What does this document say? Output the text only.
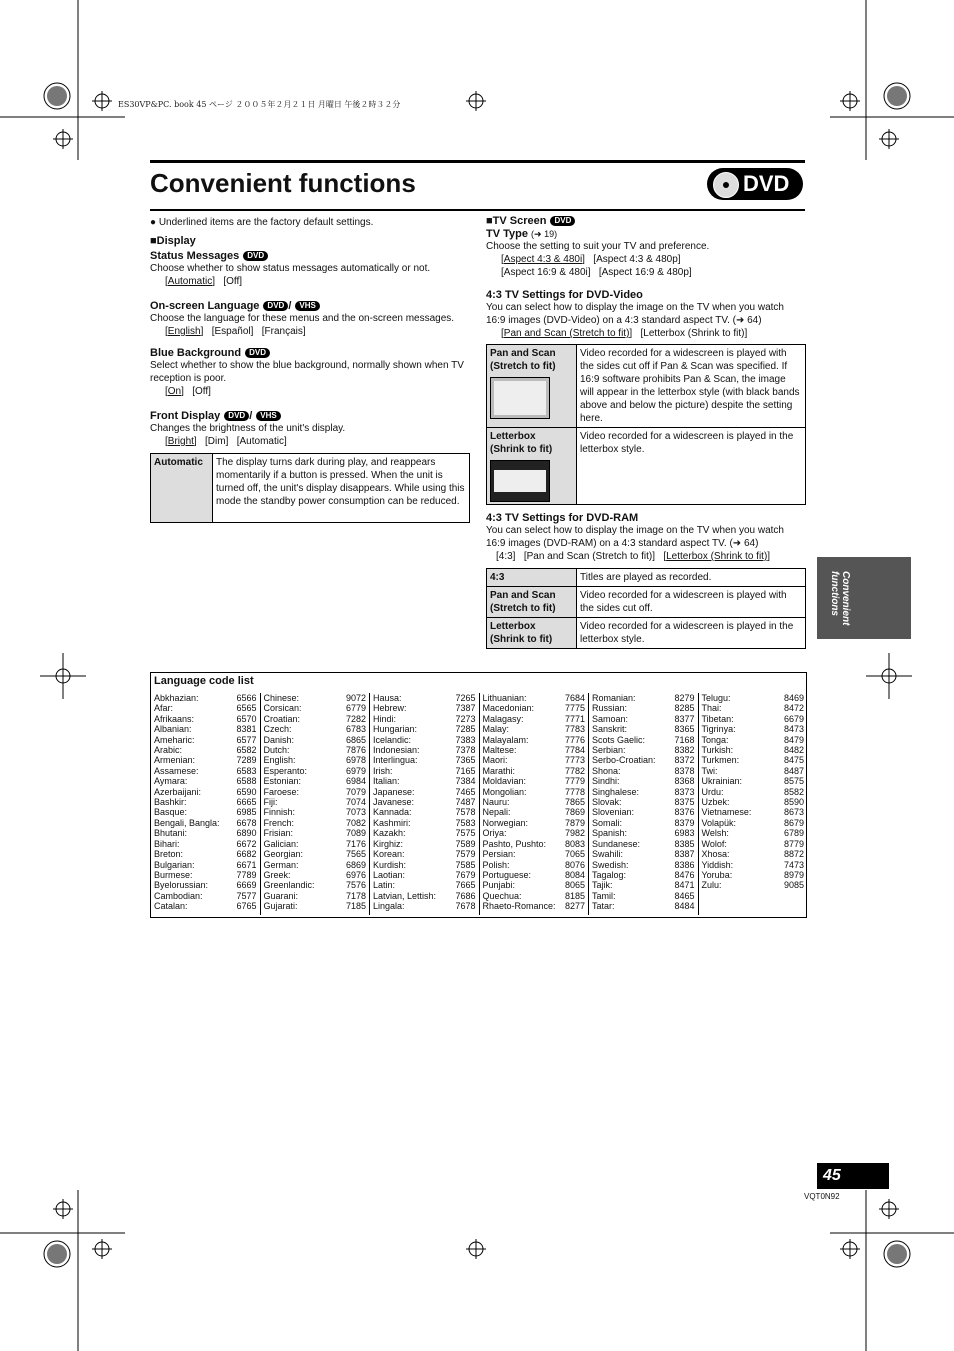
ES30VP&PC. book 45 ページ ２００５年２月２１日 月曜日 午後２時３２分
Convenient functions	DVD
● Underlined items are the factory default settings.
■Display
Status Messages DVD
Choose whether to show status messages automatically or not.
[Automatic]   [Off]
On-screen Language DVD / VHS
Choose the language for these menus and the on-screen messages.
[English]   [Español] [Français]
Blue Background DVD
Select whether to show the blue background, normally shown when TV reception is poor.
[On]   [Off]
Front Display DVD / VHS
Changes the brightness of the unit's display.
[Bright]   [Dim] [Automatic]
Automatic	The display turns dark during play, and reappears momentarily if a button is pressed. When the unit is turned off, the unit's display disappears. While using this mode the standby power consumption can be reduced.
■TV Screen DVD
TV Type (➜ 19)
Choose the setting to suit your TV and preference.
[Aspect 4:3 & 480i]   [Aspect 4:3 & 480p]
[Aspect 16:9 & 480i] [Aspect 16:9 & 480p]
4:3 TV Settings for DVD-Video
You can select how to display the image on the TV when you watch 16:9 images (DVD-Video) on a 4:3 standard aspect TV. (➜ 64)
[Pan and Scan (Stretch to fit)]   [Letterbox (Shrink to fit)]
Pan and Scan
(Stretch to fit)	Video recorded for a widescreen is played with the sides cut off if Pan & Scan was specified. If 16:9 software prohibits Pan & Scan, the image will appear in the letterbox style (with black bands above and below the picture) despite the setting here.

Letterbox
(Shrink to fit)	Video recorded for a widescreen is played in the letterbox style.
4:3 TV Settings for DVD-RAM
You can select how to display the image on the TV when you watch 16:9 images (DVD-RAM) on a 4:3 standard aspect TV. (➜ 64)
[4:3] [Pan and Scan (Stretch to fit)]   [Letterbox (Shrink to fit)]
4:3	Titles are played as recorded.

Pan and Scan
(Stretch to fit)	Video recorded for a widescreen is played with the sides cut off.

Letterbox
(Shrink to fit)	Video recorded for a widescreen is played in the letterbox style.
Convenient functions
Language code list
Abkhazian:	6566
Afar:	6565
Afrikaans:	6570
Albanian:	8381
Ameharic:	6577
Arabic:	6582
Armenian:	7289
Assamese:	6583
Aymara:	6588
Azerbaijani:	6590
Bashkir:	6665
Basque:	6985
Bengali, Bangla: 6678
Bhutani:	6890
Bihari:	6672
Breton:	6682
Bulgarian:	6671
Burmese:	7789
Byelorussian:	6669
Cambodian:	7577
Catalan:	6765
Chinese:	9072
Corsican:	6779
Croatian:	7282
Czech:	6783
Danish:	6865
Dutch:	7876
English:	6978
Esperanto:	6979
Estonian:	6984
Faroese:	7079
Fiji:	7074
Finnish:	7073
French:	7082
Frisian:	7089
Galician:	7176
Georgian:	7565
German:	6869
Greek:	6976
Greenlandic:	7576
Guarani:	7178
Gujarati:	7185
Hausa:	7265
Hebrew:	7387
Hindi:	7273
Hungarian:	7285
Icelandic:	7383
Indonesian:	7378
Interlingua:	7365
Irish:	7165
Italian:	7384
Japanese:	7465
Javanese:	7487
Kannada:	7578
Kashmiri:	7583
Kazakh:	7575
Kirghiz:	7589
Korean:	7579
Kurdish:	7585
Laotian:	7679
Latin:	7665
Latvian, Lettish: 7686
Lingala:	7678
Lithuanian:	7684
Macedonian:	7775
Malagasy:	7771
Malay:	7783
Malayalam:	7776
Maltese:	7784
Maori:	7773
Marathi:	7782
Moldavian:	7779
Mongolian:	7778
Nauru:	7865
Nepali:	7869
Norwegian:	7879
Oriya:	7982
Pashto, Pushto: 8083
Persian:	7065
Polish:	8076
Portuguese:	8084
Punjabi:	8065
Quechua:	8185
Rhaeto-Romance: 8277
Romanian:	8279
Russian:	8285
Samoan:	8377
Sanskrit:	8365
Scots Gaelic:	7168
Serbian:	8382
Serbo-Croatian: 8372
Shona:	8378
Sindhi:	8368
Singhalese:	8373
Slovak:	8375
Slovenian:	8376
Somali:	8379
Spanish:	6983
Sundanese:	8385
Swahili:	8387
Swedish:	8386
Tagalog:	8476
Tajik:	8471
Tamil:	8465
Tatar:	8484
Telugu:	8469
Thai:	8472
Tibetan:	6679
Tigrinya:	8473
Tonga:	8479
Turkish:	8482
Turkmen:	8475
Twi:	8487
Ukrainian:	8575
Urdu:	8582
Uzbek:	8590
Vietnamese:	8673
Volapük:	8679
Welsh:	6789
Wolof:	8779
Xhosa:	8872
Yiddish:	7473
Yoruba:	8979
Zulu:	9085
45
VQT0N92
